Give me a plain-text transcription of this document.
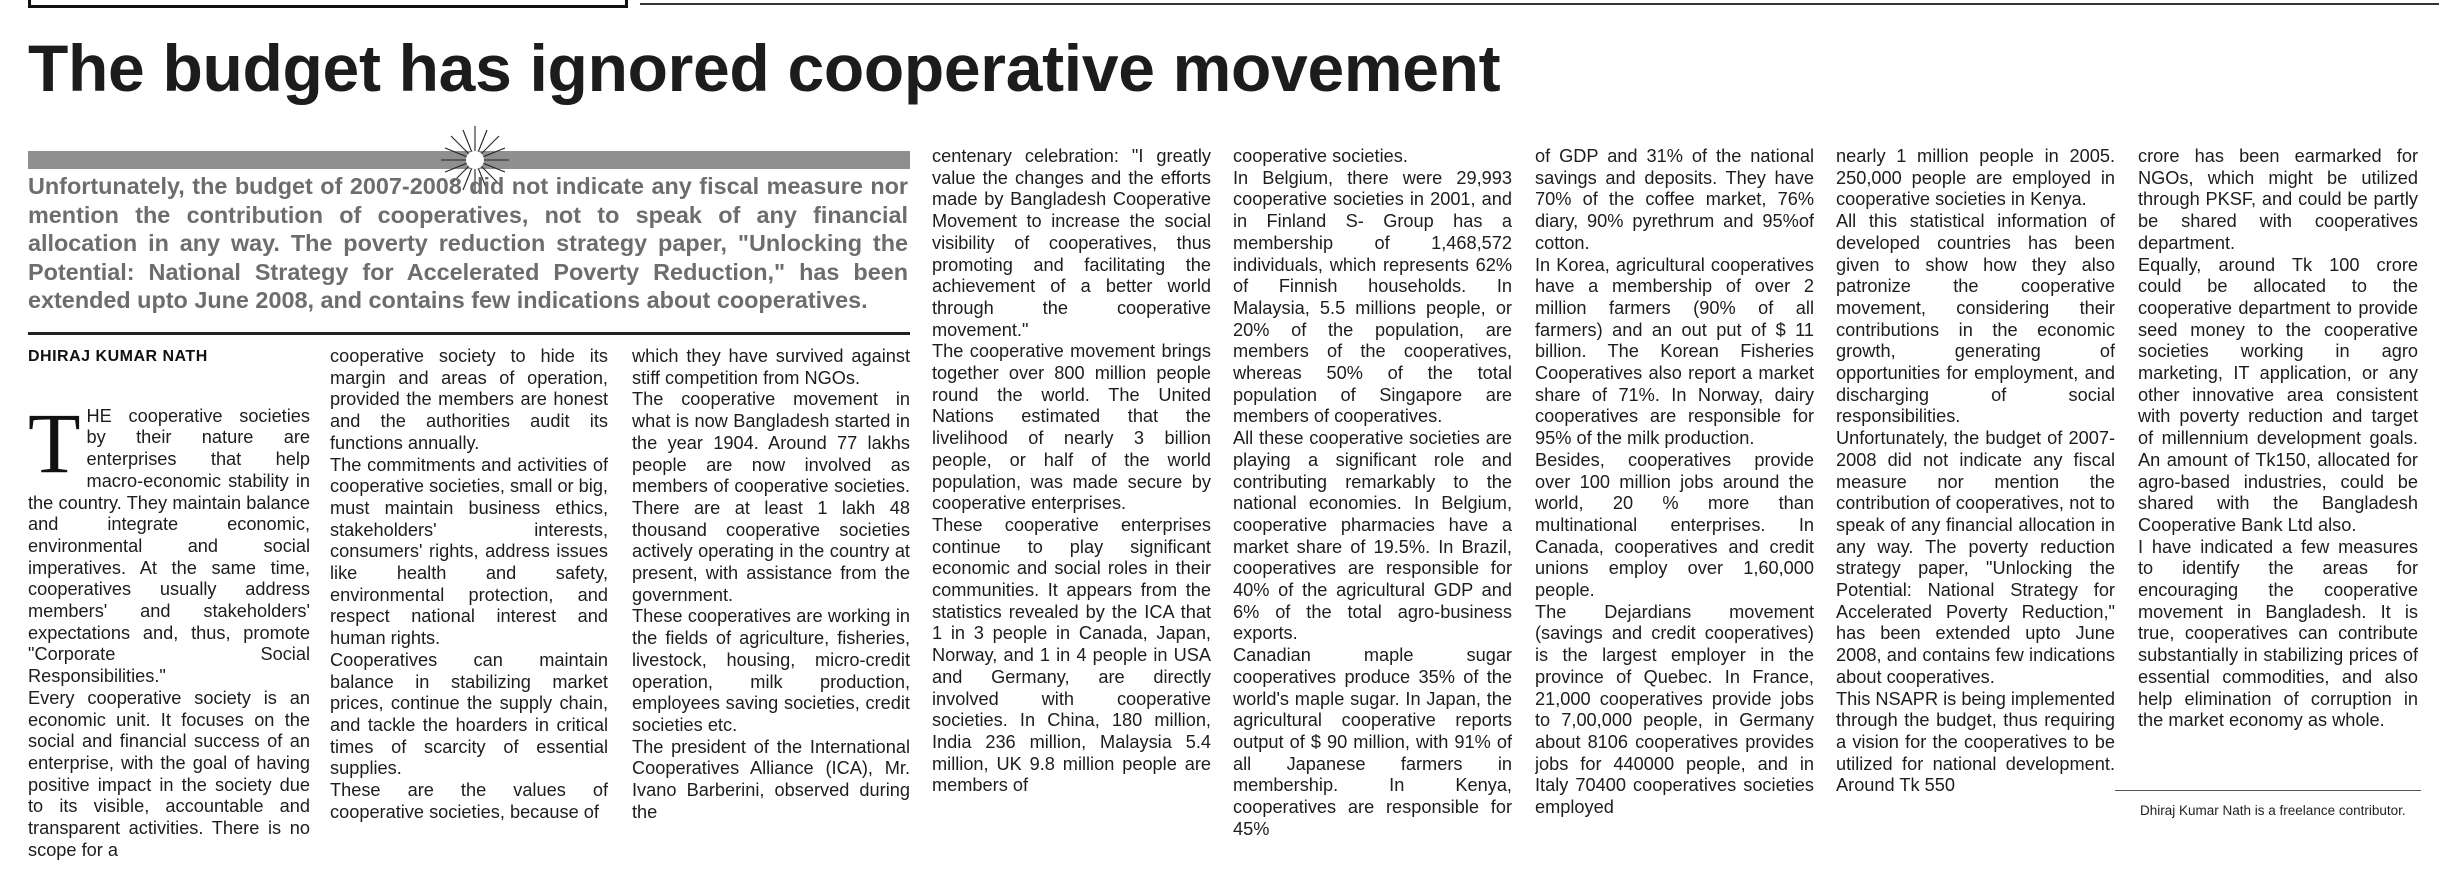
The budget has ignored cooperative movement

Unfortunately, the budget of 2007-2008 did not indicate any fiscal measure nor mention the contribution of cooperatives, not to speak of any financial allocation in any way. The poverty reduction strategy paper, "Unlocking the Potential: National Strategy for Accelerated Poverty Reduction," has been extended upto June 2008, and contains few indications about cooperatives.

DHIRAJ KUMAR NATH

THE cooperative societies by their nature are enterprises that help macro-economic stability in the country. They maintain balance and integrate economic, environmental and social imperatives. At the same time, cooperatives usually address members' and stakeholders' expectations and, thus, promote "Corporate Social Responsibilities."
Every cooperative society is an economic unit. It focuses on the social and financial success of an enterprise, with the goal of having positive impact in the society due to its visible, accountable and transparent activities. There is no scope for a

cooperative society to hide its margin and areas of operation, provided the members are honest and the authorities audit its functions annually.
The commitments and activities of cooperative societies, small or big, must maintain business ethics, stakeholders' interests, consumers' rights, address issues like health and safety, environmental protection, and respect national interest and human rights.
Cooperatives can maintain balance in stabilizing market prices, continue the supply chain, and tackle the hoarders in critical times of scarcity of essential supplies.
These are the values of cooperative societies, because of
which they have survived against stiff competition from NGOs.
The cooperative movement in what is now Bangladesh started in the year 1904. Around 77 lakhs people are now involved as members of cooperative societies. There are at least 1 lakh 48 thousand cooperative societies actively operating in the country at present, with assistance from the government.
These cooperatives are working in the fields of agriculture, fisheries, livestock, housing, micro-credit operation, milk production, employees saving societies, credit societies etc.
The president of the International Cooperatives Alliance (ICA), Mr. Ivano Barberini, observed during the
centenary celebration: "I greatly value the changes and the efforts made by Bangladesh Cooperative Movement to increase the social visibility of cooperatives, thus promoting and facilitating the achievement of a better world through the cooperative movement."
The cooperative movement brings together over 800 million people round the world. The United Nations estimated that the livelihood of nearly 3 billion people, or half of the world population, was made secure by cooperative enterprises.
These cooperative enterprises continue to play significant economic and social roles in their communities. It appears from the statistics revealed by the ICA that 1 in 3 people in Canada, Japan, Norway, and 1 in 4 people in USA and Germany, are directly involved with cooperative societies. In China, 180 million, India 236 million, Malaysia 5.4 million, UK 9.8 million people are members of
cooperative societies.
In Belgium, there were 29,993 cooperative societies in 2001, and in Finland S- Group has a membership of 1,468,572 individuals, which represents 62% of Finnish households. In Malaysia, 5.5 millions people, or 20% of the population, are members of the cooperatives, whereas 50% of the total population of Singapore are members of cooperatives.
All these cooperative societies are playing a significant role and contributing remarkably to the national economies. In Belgium, cooperative pharmacies have a market share of 19.5%. In Brazil, cooperatives are responsible for 40% of the agricultural GDP and 6% of the total agro-business exports.
Canadian maple sugar cooperatives produce 35% of the world's maple sugar. In Japan, the agricultural cooperative reports output of $ 90 million, with 91% of all Japanese farmers in membership. In Kenya, cooperatives are responsible for 45%
of GDP and 31% of the national savings and deposits. They have 70% of the coffee market, 76% diary, 90% pyrethrum and 95%of cotton.
In Korea, agricultural cooperatives have a membership of over 2 million farmers (90% of all farmers) and an out put of $ 11 billion. The Korean Fisheries Cooperatives also report a market share of 71%. In Norway, dairy cooperatives are responsible for 95% of the milk production.
Besides, cooperatives provide over 100 million jobs around the world, 20 % more than multinational enterprises. In Canada, cooperatives and credit unions employ over 1,60,000 people.
The Dejardians movement (savings and credit cooperatives) is the largest employer in the province of Quebec. In France, 21,000 cooperatives provide jobs to 7,00,000 people, in Germany about 8106 cooperatives provides jobs for 440000 people, and in Italy 70400 cooperatives societies employed
nearly 1 million people in 2005. 250,000 people are employed in cooperative societies in Kenya.
All this statistical information of developed countries has been given to show how they also patronize the cooperative movement, considering their contributions in the economic growth, generating of opportunities for employment, and discharging of social responsibilities.
Unfortunately, the budget of 2007-2008 did not indicate any fiscal measure nor mention the contribution of cooperatives, not to speak of any financial allocation in any way. The poverty reduction strategy paper, "Unlocking the Potential: National Strategy for Accelerated Poverty Reduction," has been extended upto June 2008, and contains few indications about cooperatives.
This NSAPR is being implemented through the budget, thus requiring a vision for the cooperatives to be utilized for national development. Around Tk 550
crore has been earmarked for NGOs, which might be utilized through PKSF, and could be partly be shared with cooperatives department.
Equally, around Tk 100 crore could be allocated to the cooperative department to provide seed money to the cooperative societies working in agro marketing, IT application, or any other innovative area consistent with poverty reduction and target of millennium development goals. An amount of Tk150, allocated for agro-based industries, could be shared with the Bangladesh Cooperative Bank Ltd also.
I have indicated a few measures to identify the areas for encouraging the cooperative movement in Bangladesh. It is true, cooperatives can contribute substantially in stabilizing prices of essential commodities, and also help elimination of corruption in the market economy as whole.
Dhiraj Kumar Nath is a freelance contributor.
